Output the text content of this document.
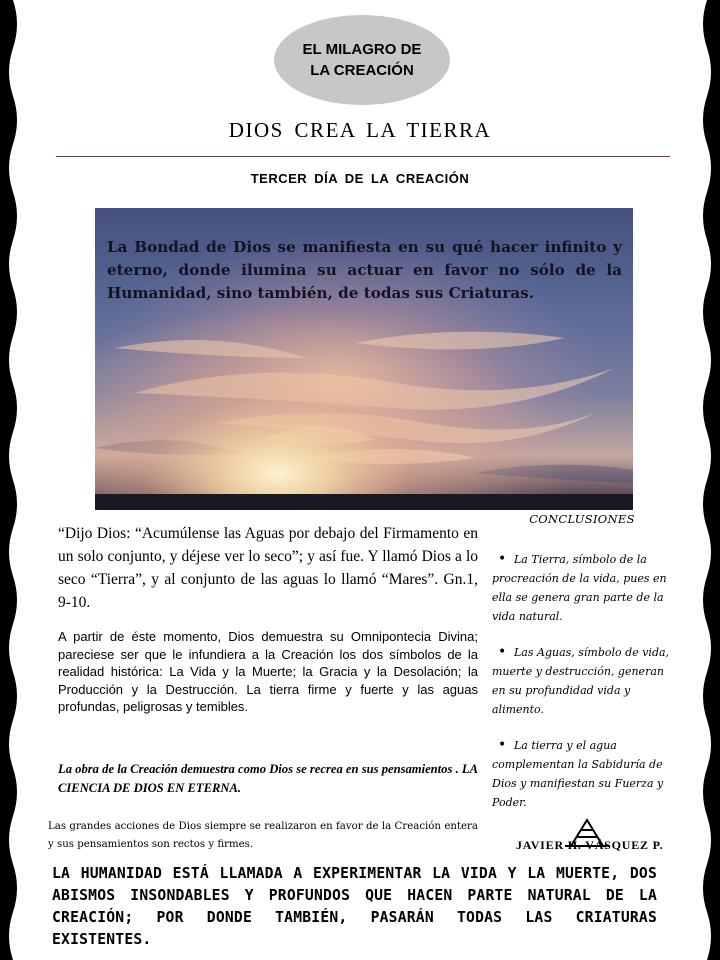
EL MILAGRO DE
LA CREACIÓN
DIOS CREA LA TIERRA
TERCER DÍA DE LA CREACIÓN
La Bondad de Dios se manifiesta en su qué hacer infinito y eterno, donde ilumina su actuar en favor no sólo de la Humanidad, sino también, de todas sus Criaturas.
“Dijo Dios: “Acumúlense las Aguas por debajo del Firmamento en un solo conjunto, y déjese ver lo seco”; y así fue. Y llamó Dios a lo seco “Tierra”, y al conjunto de las aguas lo llamó “Mares”. Gn.1, 9-10.
A partir de éste momento, Dios demuestra su Omnipontecia Divina; pareciese ser que le infundiera a la Creación los dos símbolos de la realidad histórica: La Vida y la Muerte; la Gracia y la Desolación; la Producción y la Destrucción. La tierra firme y fuerte y las aguas profundas, peligrosas y temibles.
La obra de la Creación demuestra como Dios se recrea en sus pensamientos . LA CIENCIA DE DIOS EN ETERNA.
Las grandes acciones de Dios siempre se realizaron en favor de la Creación entera y sus pensamientos son rectos y firmes.
CONCLUSIONES
• La Tierra, símbolo de la procreación de la vida, pues en ella se genera gran parte de la vida natural.
• Las Aguas, símbolo de vida, muerte y destrucción, generan en su profundidad vida y alimento.
• La tierra y el agua complementan la Sabiduría de Dios y manifiestan su Fuerza y Poder.
JAVIER H. VÁSQUEZ P.
LA HUMANIDAD ESTÁ LLAMADA A EXPERIMENTAR LA VIDA Y LA MUERTE, DOS ABISMOS INSONDABLES Y PROFUNDOS QUE HACEN PARTE NATURAL DE LA CREACIÓN; POR DONDE TAMBIÉN, PASARÁN TODAS LAS CRIATURAS EXISTENTES.
